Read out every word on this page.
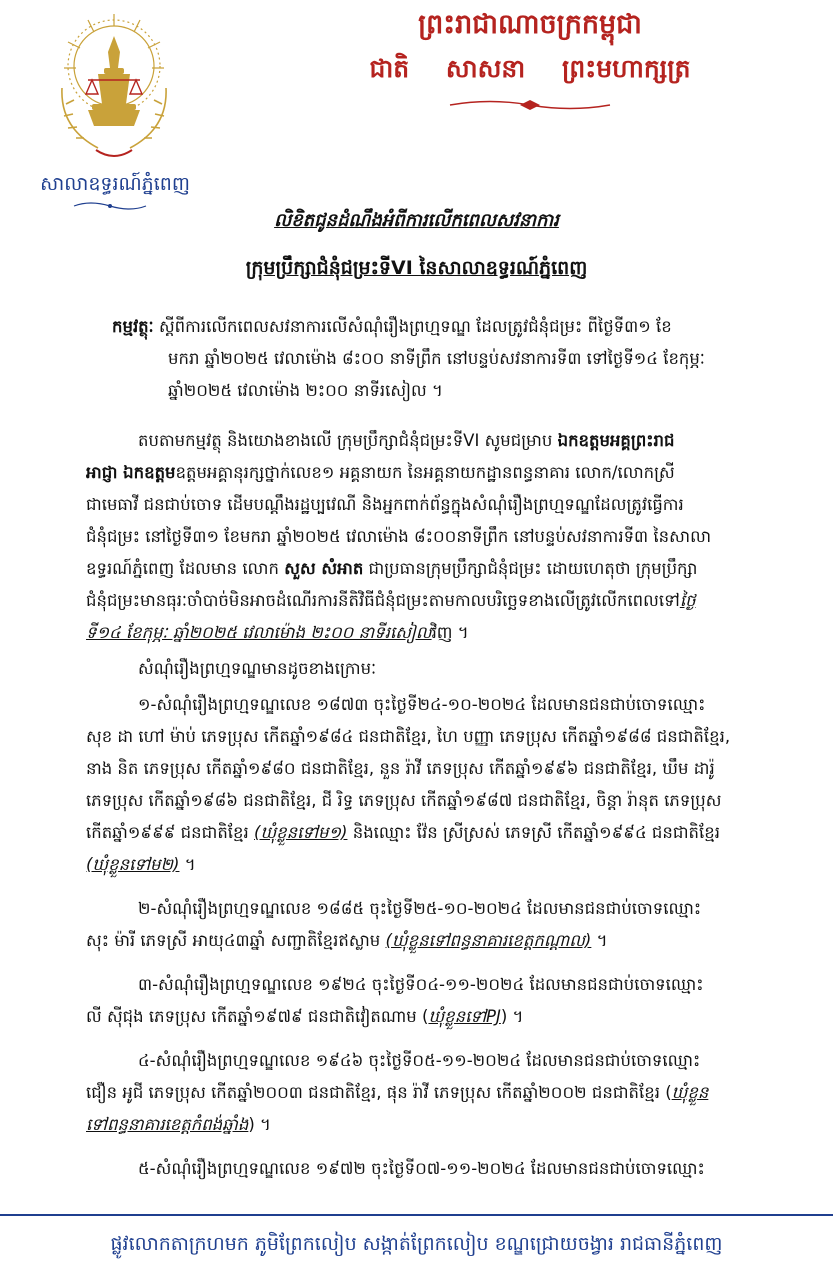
សាលាឧទ្ធរណ៍ភ្នំពេញ
ព្រះរាជាណាចក្រកម្ពុជា
ជាតិ សាសនា ព្រះមហាក្សត្រ
លិខិតជូនដំណឹងអំពីការលើកពេលសវនាការ
ក្រុមប្រឹក្សាជំនុំជម្រះទីVI នៃសាលាឧទ្ធរណ៍ភ្នំពេញ
កម្មវត្ថុៈ ស្តីពីការលើកពេលសវនាការលើសំណុំរឿងព្រហ្មទណ្ឌ ដែលត្រូវជំនុំជម្រះ ពីថ្ងៃទី៣១ ខែ
មករា ឆ្នាំ២០២៥ វេលាម៉ោង ៨ះ០០ នាទីព្រឹក នៅបន្ទប់សវនាការទី៣ ទៅថ្ងៃទី១៤ ខែកុម្ភៈ
ឆ្នាំ២០២៥ វេលាម៉ោង ២ះ០០ នាទីរសៀល ។
តបតាមកម្មវត្ថុ និងយោងខាងលើ ក្រុមប្រឹក្សាជំនុំជម្រះទីVI សូមជម្រាប ឯកឧត្តមអគ្គព្រះរាជ
អាជ្ញា ឯកឧត្តមឧត្តមអគ្គានុរក្សថ្នាក់លេខ១ អគ្គនាយក នៃអគ្គនាយកដ្ឋានពន្ធនាគារ លោក/លោកស្រី
ជាមេធាវី ជនជាប់ចោទ ដើមបណ្តឹងរដ្ឋប្បវេណី និងអ្នកពាក់ព័ន្ធក្នុងសំណុំរឿងព្រហ្មទណ្ឌដែលត្រូវធ្វើការ
ជំនុំជម្រះ នៅថ្ងៃទី៣១ ខែមករា ឆ្នាំ២០២៥ វេលាម៉ោង ៨ះ០០នាទីព្រឹក នៅបន្ទប់សវនាការទី៣ នៃសាលា
ឧទ្ធរណ៍ភ្នំពេញ ដែលមាន លោក សួស សំអាត ជាប្រធានក្រុមប្រឹក្សាជំនុំជម្រះ ដោយហេតុថា ក្រុមប្រឹក្សា
ជំនុំជម្រះមានធុរៈចាំបាច់មិនអាចដំណើរការនីតិវិធីជំនុំជម្រះតាមកាលបរិច្ឆេទខាងលើត្រូវលើកពេលទៅថ្ងៃ
ទី១៤ ខែកុម្ភៈ ឆ្នាំ២០២៥ វេលាម៉ោង ២ះ០០ នាទីរសៀលវិញ ។
សំណុំរឿងព្រហ្មទណ្ឌមានដូចខាងក្រោមៈ
១-សំណុំរឿងព្រហ្មទណ្ឌលេខ ១៨៧៣ ចុះថ្ងៃទី២៤-១០-២០២៤ ដែលមានជនជាប់ចោទឈ្មោះ
សុខ ដា ហៅ ម៉ាប់ ភេទប្រុស កើតឆ្នាំ១៩៨៤ ជនជាតិខ្មែរ, ហៃ បញ្ញា ភេទប្រុស កើតឆ្នាំ១៩៨៨ ជនជាតិខ្មែរ,
នាង និត ភេទប្រុស កើតឆ្នាំ១៩៨០ ជនជាតិខ្មែរ, នួន រ៉ាវី ភេទប្រុស កើតឆ្នាំ១៩៩៦ ជនជាតិខ្មែរ, ឃឹម ដារ៉ូ
ភេទប្រុស កើតឆ្នាំ១៩៨៦ ជនជាតិខ្មែរ, ជី រិទ្ធ ភេទប្រុស កើតឆ្នាំ១៩៨៧ ជនជាតិខ្មែរ, ចិន្តា រ៉ានុត ភេទប្រុស
កើតឆ្នាំ១៩៩៩ ជនជាតិខ្មែរ (ឃុំខ្លួនទៅម១) និងឈ្មោះ វ៉ែន ស្រីស្រស់ ភេទស្រី កើតឆ្នាំ១៩៩៤ ជនជាតិខ្មែរ
(ឃុំខ្លួនទៅម២) ។
២-សំណុំរឿងព្រហ្មទណ្ឌលេខ ១៨៨៥ ចុះថ្ងៃទី២៥-១០-២០២៤ ដែលមានជនជាប់ចោទឈ្មោះ
សុះ ម៉ារី ភេទស្រី អាយុ៤៣ឆ្នាំ សញ្ជាតិខ្មែរឥស្លាម (ឃុំខ្លួនទៅពន្ធនាគារខេត្តកណ្តាល) ។
៣-សំណុំរឿងព្រហ្មទណ្ឌលេខ ១៩២៤ ចុះថ្ងៃទី០៤-១១-២០២៤ ដែលមានជនជាប់ចោទឈ្មោះ
លី ស៊ីជុង ភេទប្រុស កើតឆ្នាំ១៩៧៩ ជនជាតិវៀតណាម (ឃុំខ្លួនទៅPJ) ។
៤-សំណុំរឿងព្រហ្មទណ្ឌលេខ ១៩៤៦ ចុះថ្ងៃទី០៥-១១-២០២៤ ដែលមានជនជាប់ចោទឈ្មោះ
ជឿន អូជី ភេទប្រុស កើតឆ្នាំ២០០៣ ជនជាតិខ្មែរ, ផុន រ៉ាវី ភេទប្រុស កើតឆ្នាំ២០០២ ជនជាតិខ្មែរ (ឃុំខ្លួន
ទៅពន្ធនាគារខេត្តកំពង់ឆ្នាំង) ។
៥-សំណុំរឿងព្រហ្មទណ្ឌលេខ ១៩៧២ ចុះថ្ងៃទី០៧-១១-២០២៤ ដែលមានជនជាប់ចោទឈ្មោះ
ផ្លូវលោកតាក្រហមក ភូមិព្រែកលៀប សង្កាត់ព្រែកលៀប ខណ្ឌជ្រោយចង្វារ រាជធានីភ្នំពេញ
